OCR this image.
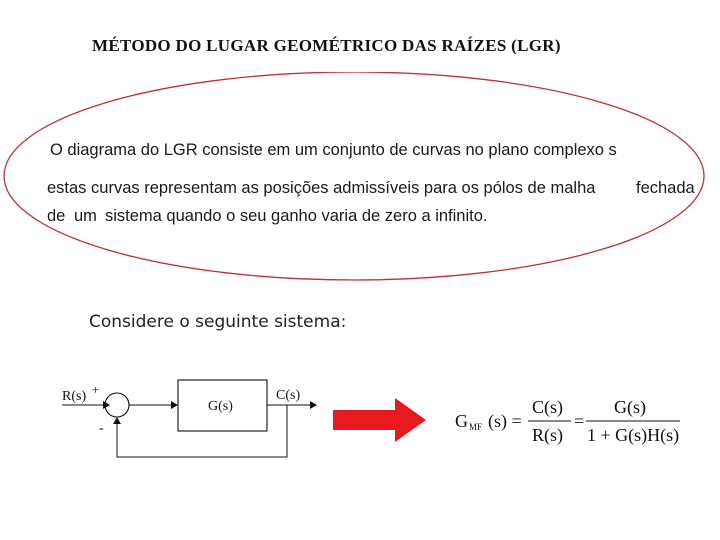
MÉTODO DO LUGAR GEOMÉTRICO DAS RAÍZES (LGR)
O diagrama do LGR consiste em um conjunto de curvas no plano complexo s
estas curvas representam as posições admissíveis para os pólos de malha fechada
de um sistema quando o seu ganho varia de zero a infinito.
Considere o seguinte sistema:
R(s) +
-
G(s)
C(s)
G MF (s) =
C(s)
R(s)
=
G(s)
1 + G(s)H(s)
